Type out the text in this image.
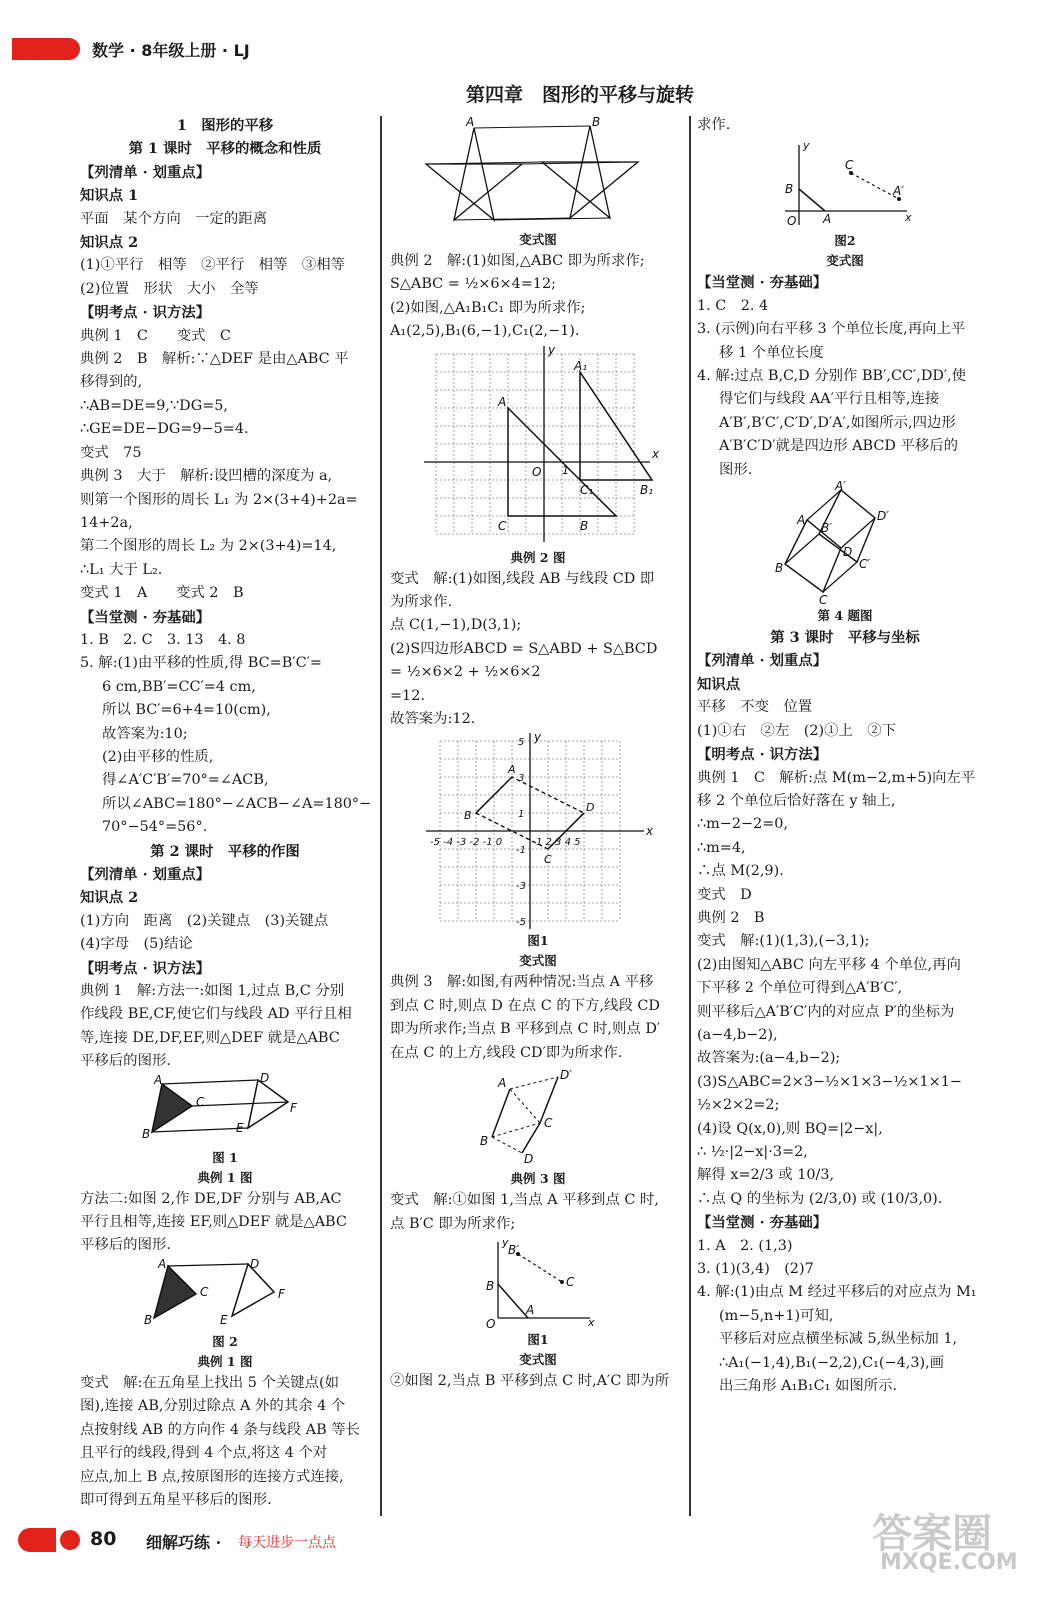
数学 · 8年级上册 · LJ
第四章　图形的平移与旋转
1　图形的平移
第 1 课时　平移的概念和性质
【列清单 · 划重点】
知识点 1
平面　某个方向　一定的距离
知识点 2
(1)①平行　相等　②平行　相等　③相等
(2)位置　形状　大小　全等
【明考点 · 识方法】
典例 1　C　　变式　C
典例 2　B　解析:∵△DEF 是由△ABC 平
移得到的,
∴AB=DE=9,∵DG=5,
∴GE=DE−DG=9−5=4.
变式　75
典例 3　大于　解析:设凹槽的深度为 a,
则第一个图形的周长 L₁ 为 2×(3+4)+2a=
14+2a,
第二个图形的周长 L₂ 为 2×(3+4)=14,
∴L₁ 大于 L₂.
变式 1　A　　变式 2　B
【当堂测 · 夯基础】
1. B　2. C　3. 13　4. 8
5. 解:(1)由平移的性质,得 BC=B′C′=
6 cm,BB′=CC′=4 cm,
所以 BC′=6+4=10(cm),
故答案为:10;
(2)由平移的性质,
得∠A′C′B′=70°=∠ACB,
所以∠ABC=180°−∠ACB−∠A=180°−
70°−54°=56°.
第 2 课时　平移的作图
【列清单 · 划重点】
知识点 2
(1)方向　距离　(2)关键点　(3)关键点
(4)字母　(5)结论
【明考点 · 识方法】
典例 1　解:方法一:如图 1,过点 B,C 分别
作线段 BE,CF,使它们与线段 AD 平行且相
等,连接 DE,DF,EF,则△DEF 就是△ABC
平移后的图形.
A
B
C
D
E
F
图 1
典例 1 图
方法二:如图 2,作 DE,DF 分别与 AB,AC
平行且相等,连接 EF,则△DEF 就是△ABC
平移后的图形.
A
B
C
D
E
F
图 2
典例 1 图
变式　解:在五角星上找出 5 个关键点(如
图),连接 AB,分别过除点 A 外的其余 4 个
点按射线 AB 的方向作 4 条与线段 AB 等长
且平行的线段,得到 4 个点,将这 4 个对
应点,加上 B 点,按原图形的连接方式连接,
即可得到五角星平移后的图形.
A	B
变式图
典例 2　解:(1)如图,△ABC 即为所求作;
S△ABC = ½×6×4=12;
(2)如图,△A₁B₁C₁ 即为所求作;
A₁(2,5),B₁(6,−1),C₁(2,−1).
A
C	B
A₁
C₁	B₁
O 1
x
y
典例 2 图
变式　解:(1)如图,线段 AB 与线段 CD 即
为所求作.
点 C(1,−1),D(3,1);
(2)S四边形ABCD = S△ABD + S△BCD
= ½×6×2 + ½×6×2
=12.
故答案为:12.
A
B
C
D
-5 -4 -3 -2 -1 0	1 2 3 4 5
5
3
1
-1
-3
-5
x
y
图1
变式图
典例 3　解:如图,有两种情况:当点 A 平移
到点 C 时,则点 D 在点 C 的下方,线段 CD
即为所求作;当点 B 平移到点 C 时,则点 D′
在点 C 的上方,线段 CD′即为所求作.
A
B
C
D′
D
典例 3 图
变式　解:①如图 1,当点 A 平移到点 C 时,
点 B′C 即为所求作;
B
B′
C
A
O	x
y
图1
变式图
②如图 2,当点 B 平移到点 C 时,A′C 即为所
求作.
B
C
A′
A
O	x
y
图2
变式图
【当堂测 · 夯基础】
1. C　2. 4
3. (示例)向右平移 3 个单位长度,再向上平
移 1 个单位长度
4. 解:过点 B,C,D 分别作 BB′,CC′,DD′,使
得它们与线段 AA′平行且相等,连接
A′B′,B′C′,C′D′,D′A′,如图所示,四边形
A′B′C′D′就是四边形 ABCD 平移后的
图形.
A
A′
B′
D′
C′
D
B
C
第 4 题图
第 3 课时　平移与坐标
【列清单 · 划重点】
知识点
平移　不变　位置
(1)①右　②左　(2)①上　②下
【明考点 · 识方法】
典例 1　C　解析:点 M(m−2,m+5)向左平
移 2 个单位后恰好落在 y 轴上,
∴m−2−2=0,
∴m=4,
∴点 M(2,9).
变式　D
典例 2　B
变式　解:(1)(1,3),(−3,1);
(2)由图知△ABC 向左平移 4 个单位,再向
下平移 2 个单位可得到△A′B′C′,
则平移后△A′B′C′内的对应点 P′的坐标为
(a−4,b−2),
故答案为:(a−4,b−2);
(3)S△ABC=2×3−½×1×3−½×1×1−
½×2×2=2;
(4)设 Q(x,0),则 BQ=|2−x|,
∴ ½·|2−x|·3=2,
解得 x=2/3 或 10/3,
∴点 Q 的坐标为 (2/3,0) 或 (10/3,0).
【当堂测 · 夯基础】
1. A　2. (1,3)
3. (1)(3,4)　(2)7
4. 解:(1)由点 M 经过平移后的对应点为 M₁
(m−5,n+1)可知,
平移后对应点横坐标减 5,纵坐标加 1,
∴A₁(−1,4),B₁(−2,2),C₁(−4,3),画
出三角形 A₁B₁C₁ 如图所示.
80 细解巧练 · 每天进步一点点	答案圈
MXQE.COM
